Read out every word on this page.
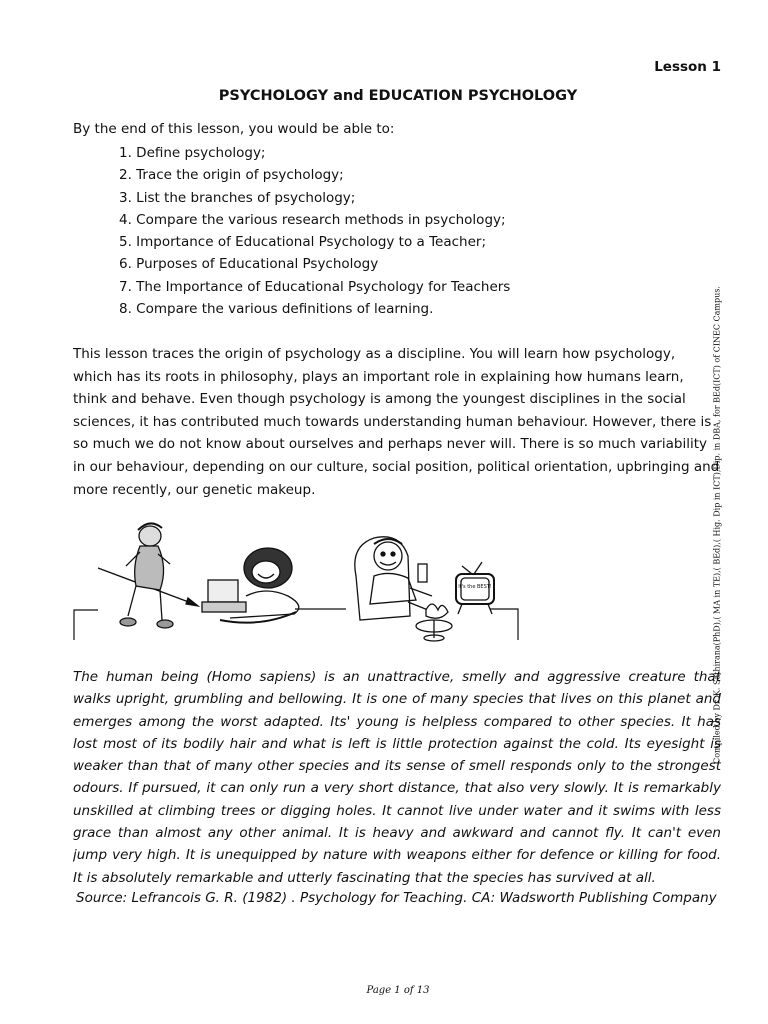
Lesson 1
PSYCHOLOGY and EDUCATION PSYCHOLOGY
By the end of this lesson, you would be able to:
1. Define psychology;
2. Trace the origin of psychology;
3. List the branches of psychology;
4. Compare the various research methods in psychology;
5. Importance of Educational Psychology to a Teacher;
6. Purposes of Educational Psychology
7. The Importance of Educational Psychology for Teachers
8. Compare the various definitions of learning.

This lesson traces the origin of psychology as a discipline. You will learn how psychology,
which has its roots in philosophy, plays an important role in explaining how humans learn,
think and behave. Even though psychology is among the youngest disciplines in the social
sciences, it has contributed much towards understanding human behaviour. However, there is
so much we do not know about ourselves and perhaps never will. There is so much variability
in our behaviour, depending on our culture, social position, political orientation, upbringing and
more recently, our genetic makeup.

It's the BEST!

The human being (Homo sapiens) is an unattractive, smelly and aggressive creature that
walks upright, grumbling and bellowing. It is one of many species that lives on this planet and
emerges among the worst adapted. Its' young is helpless compared to other species. It has
lost most of its bodily hair and what is left is little protection against the cold. Its eyesight is
weaker than that of many other species and its sense of smell responds only to the strongest
odours. If pursued, it can only run a very short distance, that also very slowly. It is remarkably
unskilled at climbing trees or digging holes. It cannot live under water and it swims with less
grace than almost any other animal. It is heavy and awkward and cannot fly. It can't even
jump very high. It is unequipped by nature with weapons either for defence or killing for food.
It is absolutely remarkable and utterly fascinating that the species has survived at all.

Source: Lefrancois G. R. (1982) . Psychology for Teaching. CA: Wadsworth Publishing Company
Compiled by Dr. K. Sathirana(PhD),( MA in TE),( BEd),( Hig. Dip in ICT),Dip. in DBA, for BEd(ICT) of CINEC Campus.
Page 1 of 13
